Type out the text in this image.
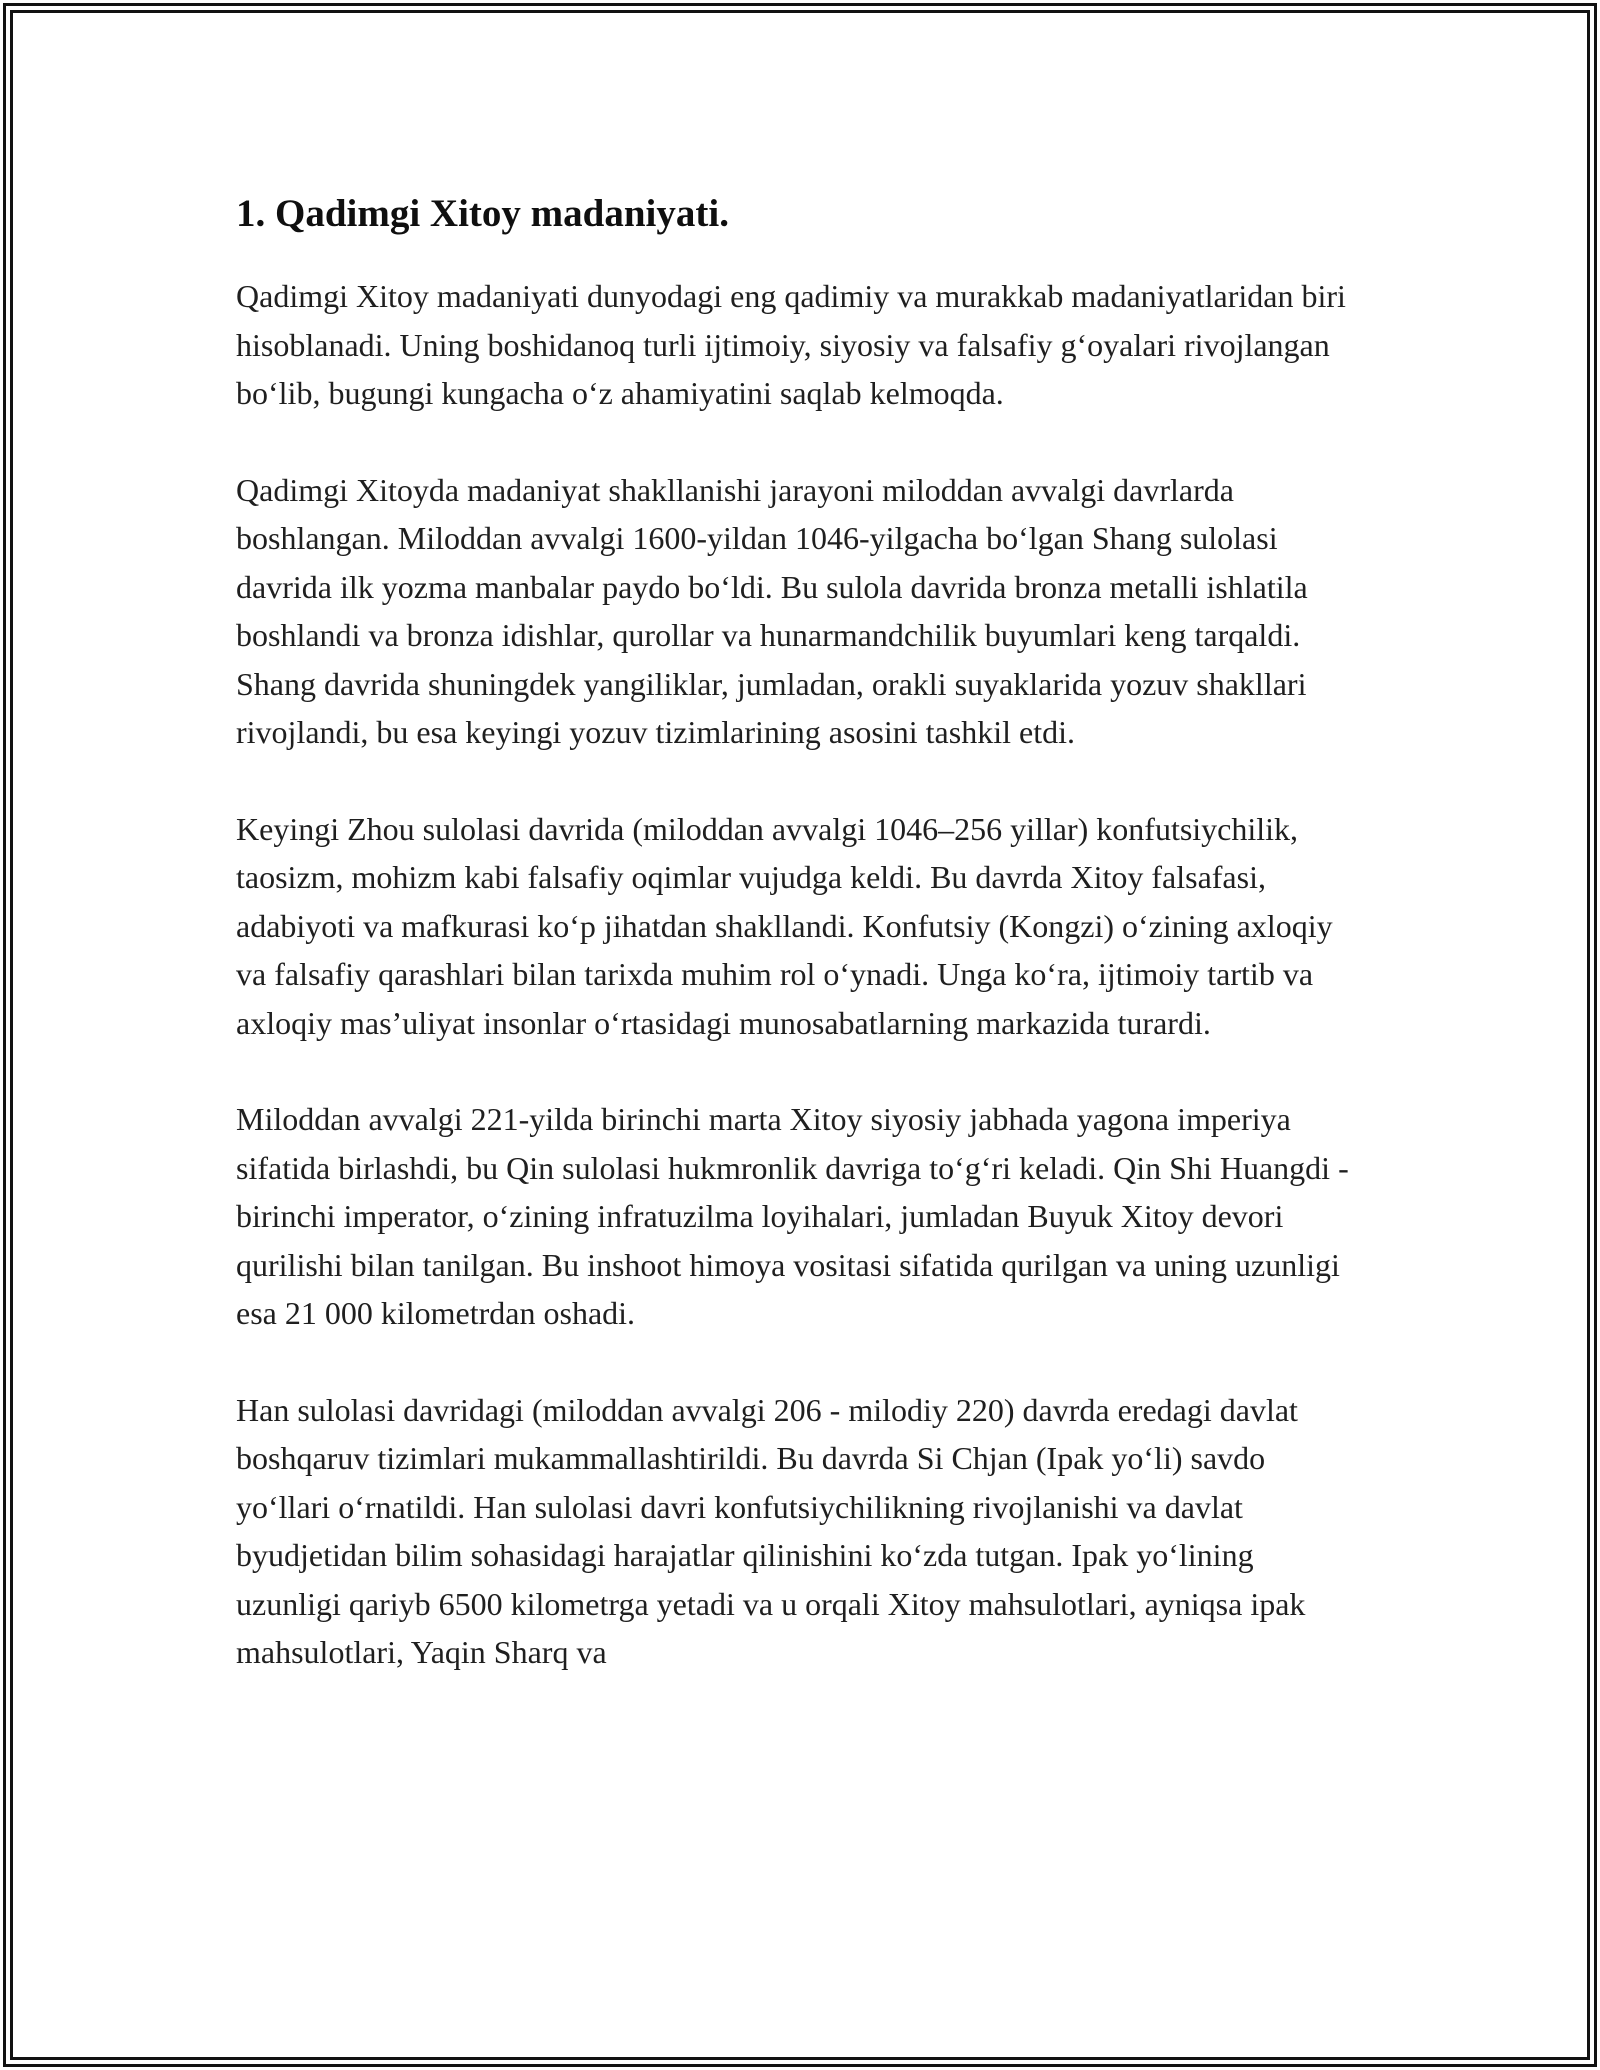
1. Qadimgi Xitoy madaniyati.

Qadimgi Xitoy madaniyati dunyodagi eng qadimiy va murakkab madaniyatlaridan biri hisoblanadi. Uning boshidanoq turli ijtimoiy, siyosiy va falsafiy g‘oyalari rivojlangan bo‘lib, bugungi kungacha o‘z ahamiyatini saqlab kelmoqda.

Qadimgi Xitoyda madaniyat shakllanishi jarayoni miloddan avvalgi davrlarda boshlangan. Miloddan avvalgi 1600-yildan 1046-yilgacha bo‘lgan Shang sulolasi davrida ilk yozma manbalar paydo bo‘ldi. Bu sulola davrida bronza metalli ishlatila boshlandi va bronza idishlar, qurollar va hunarmandchilik buyumlari keng tarqaldi. Shang davrida shuningdek yangiliklar, jumladan, orakli suyaklarida yozuv shakllari rivojlandi, bu esa keyingi yozuv tizimlarining asosini tashkil etdi.

Keyingi Zhou sulolasi davrida (miloddan avvalgi 1046–256 yillar) konfutsiychilik, taosizm, mohizm kabi falsafiy oqimlar vujudga keldi. Bu davrda Xitoy falsafasi, adabiyoti va mafkurasi ko‘p jihatdan shakllandi. Konfutsiy (Kongzi) o‘zining axloqiy va falsafiy qarashlari bilan tarixda muhim rol o‘ynadi. Unga ko‘ra, ijtimoiy tartib va axloqiy mas’uliyat insonlar o‘rtasidagi munosabatlarning markazida turardi.

Miloddan avvalgi 221-yilda birinchi marta Xitoy siyosiy jabhada yagona imperiya sifatida birlashdi, bu Qin sulolasi hukmronlik davriga to‘g‘ri keladi. Qin Shi Huangdi - birinchi imperator, o‘zining infratuzilma loyihalari, jumladan Buyuk Xitoy devori qurilishi bilan tanilgan. Bu inshoot himoya vositasi sifatida qurilgan va uning uzunligi esa 21 000 kilometrdan oshadi.

Han sulolasi davridagi (miloddan avvalgi 206 - milodiy 220) davrda eredagi davlat boshqaruv tizimlari mukammallashtirildi. Bu davrda Si Chjan (Ipak yo‘li) savdo yo‘llari o‘rnatildi. Han sulolasi davri konfutsiychilikning rivojlanishi va davlat byudjetidan bilim sohasidagi harajatlar qilinishini ko‘zda tutgan. Ipak yo‘lining uzunligi qariyb 6500 kilometrga yetadi va u orqali Xitoy mahsulotlari, ayniqsa ipak mahsulotlari, Yaqin Sharq va
